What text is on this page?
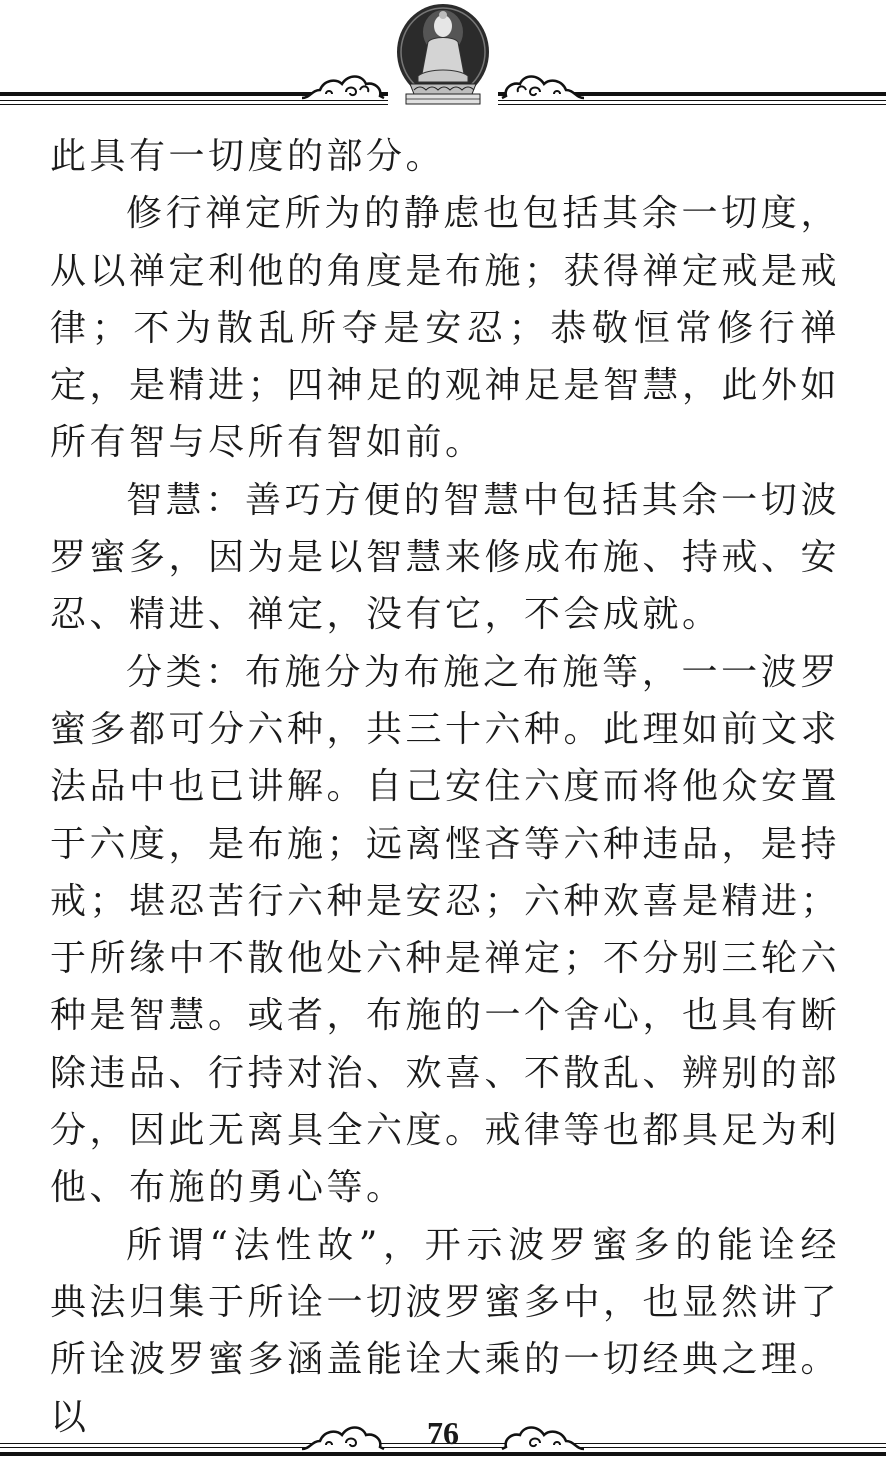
此具有一切度的部分。

修行禅定所为的静虑也包括其余一切度，从以禅定利他的角度是布施；获得禅定戒是戒律；不为散乱所夺是安忍；恭敬恒常修行禅定，是精进；四神足的观神足是智慧，此外如所有智与尽所有智如前。

智慧：善巧方便的智慧中包括其余一切波罗蜜多，因为是以智慧来修成布施、持戒、安忍、精进、禅定，没有它，不会成就。

分类：布施分为布施之布施等，一一波罗蜜多都可分六种，共三十六种。此理如前文求法品中也已讲解。自己安住六度而将他众安置于六度，是布施；远离悭吝等六种违品，是持戒；堪忍苦行六种是安忍；六种欢喜是精进；于所缘中不散他处六种是禅定；不分别三轮六种是智慧。或者，布施的一个舍心，也具有断除违品、行持对治、欢喜、不散乱、辨别的部分，因此无离具全六度。戒律等也都具足为利他、布施的勇心等。

所谓“法性故”，开示波罗蜜多的能诠经典法归集于所诠一切波罗蜜多中，也显然讲了所诠波罗蜜多涵盖能诠大乘的一切经典之理。以	76
